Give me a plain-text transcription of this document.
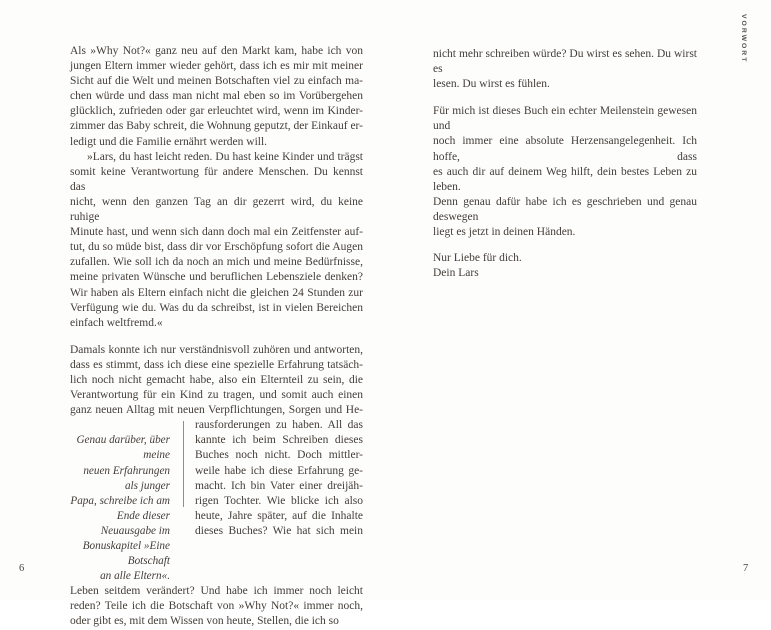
VORWORT
Als »Why Not?« ganz neu auf den Markt kam, habe ich von
jungen Eltern immer wieder gehört, dass ich es mir mit meiner
Sicht auf die Welt und meinen Botschaften viel zu einfach ma-
chen würde und dass man nicht mal eben so im Vorübergehen
glücklich, zufrieden oder gar erleuchtet wird, wenn im Kinder-
zimmer das Baby schreit, die Wohnung geputzt, der Einkauf er-
ledigt und die Familie ernährt werden will.
»Lars, du hast leicht reden. Du hast keine Kinder und trägst
somit keine Verantwortung für andere Menschen. Du kennst das
nicht, wenn den ganzen Tag an dir gezerrt wird, du keine ruhige
Minute hast, und wenn sich dann doch mal ein Zeitfenster auf-
tut, du so müde bist, dass dir vor Erschöpfung sofort die Augen
zufallen. Wie soll ich da noch an mich und meine Bedürfnisse,
meine privaten Wünsche und beruflichen Lebensziele denken?
Wir haben als Eltern einfach nicht die gleichen 24 Stunden zur
Verfügung wie du. Was du da schreibst, ist in vielen Bereichen
einfach weltfremd.«
Damals konnte ich nur verständnisvoll zuhören und antworten,
dass es stimmt, dass ich diese eine spezielle Erfahrung tatsäch-
lich noch nicht gemacht habe, also ein Elternteil zu sein, die
Verantwortung für ein Kind zu tragen, und somit auch einen
ganz neuen Alltag mit neuen Verpflichtungen, Sorgen und He-
Genau darüber, über meine
neuen Erfahrungen als junger
Papa, schreibe ich am
Ende dieser Neuausgabe im
Bonuskapitel »Eine Botschaft
an alle Eltern«.
rausforderungen zu haben. All das
kannte ich beim Schreiben dieses
Buches noch nicht. Doch mittler-
weile habe ich diese Erfahrung ge-
macht. Ich bin Vater einer dreijäh-
rigen Tochter. Wie blicke ich also
heute, Jahre später, auf die Inhalte
dieses Buches? Wie hat sich mein
Leben seitdem verändert? Und habe ich immer noch leicht
reden? Teile ich die Botschaft von »Why Not?« immer noch,
oder gibt es, mit dem Wissen von heute, Stellen, die ich so
nicht mehr schreiben würde? Du wirst es sehen. Du wirst es
lesen. Du wirst es fühlen.
Für mich ist dieses Buch ein echter Meilenstein gewesen und
noch immer eine absolute Herzensangelegenheit. Ich hoffe, dass
es auch dir auf deinem Weg hilft, dein bestes Leben zu leben.
Denn genau dafür habe ich es geschrieben und genau deswegen
liegt es jetzt in deinen Händen.
Nur Liebe für dich.
Dein Lars
6	7
